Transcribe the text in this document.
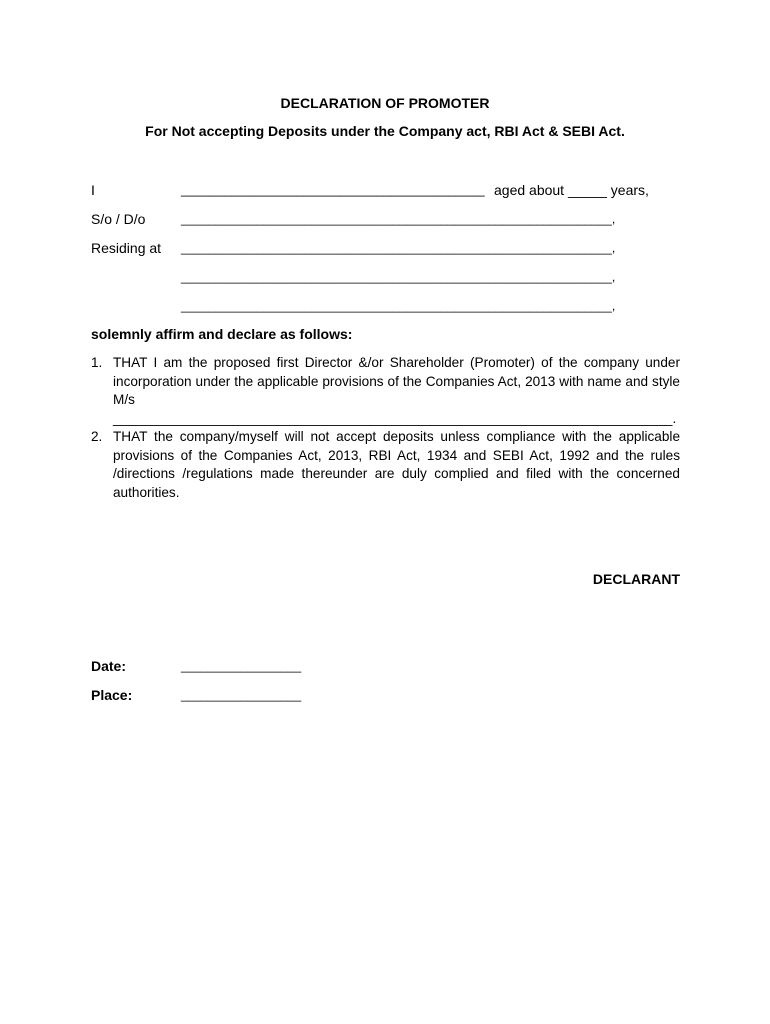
DECLARATION OF PROMOTER
For Not accepting Deposits under the Company act, RBI Act & SEBI Act.
I	__________________________________________ aged about _____ years,
S/o / D/o	_______________________________________________________________,
Residing at _______________________________________________________________,
_______________________________________________________________,
_______________________________________________________________,
solemnly affirm and declare as follows:
1. THAT I am the proposed first Director &/or Shareholder (Promoter) of the company under incorporation under the applicable provisions of the Companies Act, 2013 with name and style M/s __________________________________________________________________________.
2. THAT the company/myself will not accept deposits unless compliance with the applicable provisions of the Companies Act, 2013, RBI Act, 1934 and SEBI Act, 1992 and the rules /directions /regulations made thereunder are duly complied and filed with the concerned authorities.
DECLARANT
Date:	__________________
Place:	__________________
